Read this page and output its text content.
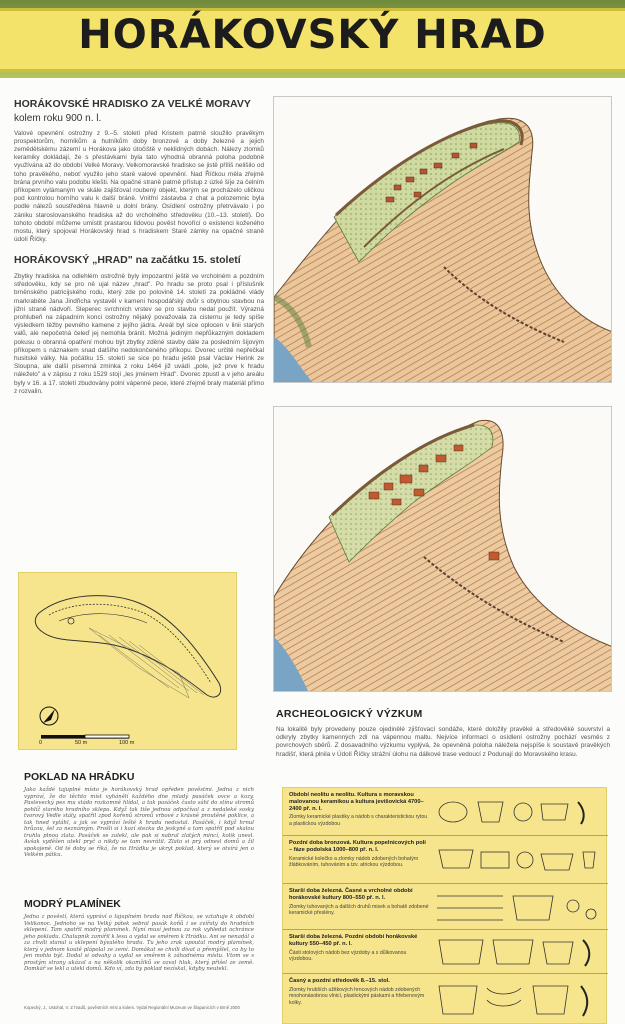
HORÁKOVSKÝ HRAD
HORÁKOVSKÉ HRADISKO ZA VELKÉ MORAVY
kolem roku 900 n. l.

Valové opevnění ostrožny z 9.–5. století před Kristem patrně sloužilo pravěkým prospektorům, horníkům a hutníkům doby bronzové a doby železné a jejich zemědělskému zázemí u Horákova jako útočiště v neklidných dobách. Nálezy zlomků keramiky dokládají, že s přestávkami byla tato výhodná obranná poloha podobně využívána až do období Velké Moravy. Velkomoravské hradisko se jistě příliš nelišilo od toho pravěkého, neboť využilo jeho staré valové opevnění. Nad Říčkou měla zřejmě brána prvního valu podobu klešti. Na opačné straně patrně přístup z úzké šíje za čelním příkopem vylámaným ve skále zajišťoval roubený objekt, kterým se procházelo uličkou pod kontrolou horního valu k další bráně. Vnitřní zástavba z chat a polozemnic byla podle nálezů soustředěna hlavně u dolní brány. Osídlení ostrožny přetrvávalo i po zániku staroslovanského hradiska až do vrcholného středověku (10.–13. století). Do tohoto období můžeme umístit prastarou lidovou pověst hovořící o existenci koženého mostu, který spojoval Horákovský hrad s hradiskem Staré zámky na opačné straně údolí Říčky.

HORÁKOVSKÝ „HRAD" na začátku 15. století

Zbytky hradiska na odlehlém ostrožně byly impozantní ještě ve vrcholném a pozdním středověku, kdy se pro ně ujal název „hrad". Po hradu se proto psal i příslušník brněnského patricijského rodu, který zde po polovině 14. století za pokládné vlády markraběte Jana Jindřicha vystavěl v kameni hospodářský dvůr s obytnou stavbou na jižní straně nádvoří. Sleperec svrchních vrstev se pro stavbu nedal použít. Výrazná prohlubeň na západním konci ostrožny nějaký považovala za cisternu je tedy spíše výsledkem těžby pevného kamene z jejího jádra. Areál byl sice oplocen v linii starých valů, ale nepočetná čeleď jej nemohla bránit. Možná jediným nepřůkazným dokladem pokusu o obranná opatření mohou být zbytky zděné stavby dále za posledním šíjovým příkopem s náznakem snad dalšího nedokončeného příkopu. Dvorec určitě nepřečkal husitské války. Na počátku 15. století se sice po hradu ještě psal Václav Herink ze Sloupna, ale další písemná zmínka z roku 1464 již uvádí „pole, jež prve k hradu náleželo" a v zápisu z roku 1529 stojí „les jménem Hrad". Dvorec zpustl a v jeho areálu byly v 16. a 17. století zbudovány polní vápenné pece, které zřejmě braly materiál přímo z rozvalin.

0	50 m	100 m
ARCHEOLOGICKÝ VÝZKUM

Na lokalitě byly provedeny pouze ojedinělé zjišťovací sondáže, které doložily pravěké a středověké souvrství a odkryly zbytky kamenných zdí na vápennou maltu. Nejvíce informací o osídlení ostrožny pochází vesměs z povrchových sběrů. Z dosavadního výzkumu vyplývá, že opevněná poloha náležela nejspíše k soustavě pravěkých hradišť, která plnila v Údolí Říčky strážní úlohu na dálkové trase vedoucí z Podunají do Moravského krasu.

Období neolitu a neolitu. Kultura s moravskou malovanou keramikou a kultura jevišovická 4700–2400 př. n. l.
Zlomky keramické plastiky a nádob s charakteristickou rytou a plastickou výzdobou
Pozdní doba bronzová. Kultura popelnicových polí – fáze podolská 1000–800 př. n. l.
Keramické kolečko a zlomky nádob zdobených bohatým žlábkováním, tuhováním a tzv. atrickou výzdobou.
Starší doba železná. Časné a vrcholné období horákovské kultury 800–550 př. n. l.
Zlomky tuhovaných a dalších druhů misek a bohatě zdobené keramické přeslény.
Starší doba železná. Pozdní období horákovské kultury 550–450 př. n. l.
Části stolových nádob bez výzdoby a s důlkovanou výzdobou.
Časný a pozdní středověk 8.–15. stol.
Zlomky hrubších užitkových hrncových nádob zdobených mnohonásobnou vlnicí, plastickými páskami a hřebenovým kolky.
POKLAD NA HRÁDKU

Jako každé tajuplné místo je horákovský hrad opředen pověstmi. Jedna z nich vypráví, že do těchto míst vyhánělí každého dne mladý pasáček ovce a kozy. Pastevecký pes mu stádo rozkomně hlídal, a tak pasáček často sáhl do stínu stromů pohlíž starého hradního sklepa. Když tak tiše jednou odpočíval a z nedaleké sosky tvorový Vedle stály, spatřil zpod kořenů stromů vrbové z krásně proutěné poklice, a tak hned vytáhl, a jak se vypráví lešté k hradu nedostal. Pasáček, i když hrnul hrůzou, šel za neznámým. Prošli si i kozí stezku do jeskyně a tam spatřil pod skalou truhlu plnou zlata. Pasáček se zalekl, ale pak si nabral zlatých mincí, kolik unesl. Avšak vyděšen utekl pryč a nikdy se tam nevrátil. Zlato si prý odnesl domů a žil spokojeně. Od té doby se říká, že na Hrádku je ukryt poklad, který se otvírá jen o Velkém pátku.

MODRÝ PLAMÍNEK

Jedna z pověstí, která vypráví o tajuplném hradu nad Říčkou, se vztahuje k období Velikonoc. Jednoho se na Velký pátek sebral pasák koňů i se zvířaty do hradních sklepení. Tam spatřil modrý plamínek. Nyní musí jednou za rok vyhledat ochránce jeho pokladu. Chalupník zamířil k lesu a vydal se směrem k Hrádku. Ani se nenadál a za chvíli stanul u sklepení bývalého hradu. Tu jeho zrak upoutal modrý plamínek, který v jednom koutě plápolal ze zemí. Domákat se chvíli dívat a přemýšlel, co by to jen mohlo být. Dodal si odvahy a vydal se směrem k záhadnému místu. Vtom se s prostým strany ukázal a na několik okamžiků se ozval hluk, který přišel ze země. Domkář se lekl a utekl domů. Kdo ví, zda by poklad nezískal, kdyby neutekl.

Kopecký, J., Ustohal, V. Z hradů, pověstních míst a kolem. Vydal Regionální Muzeum ve Šlapanicích v Brně 2000
